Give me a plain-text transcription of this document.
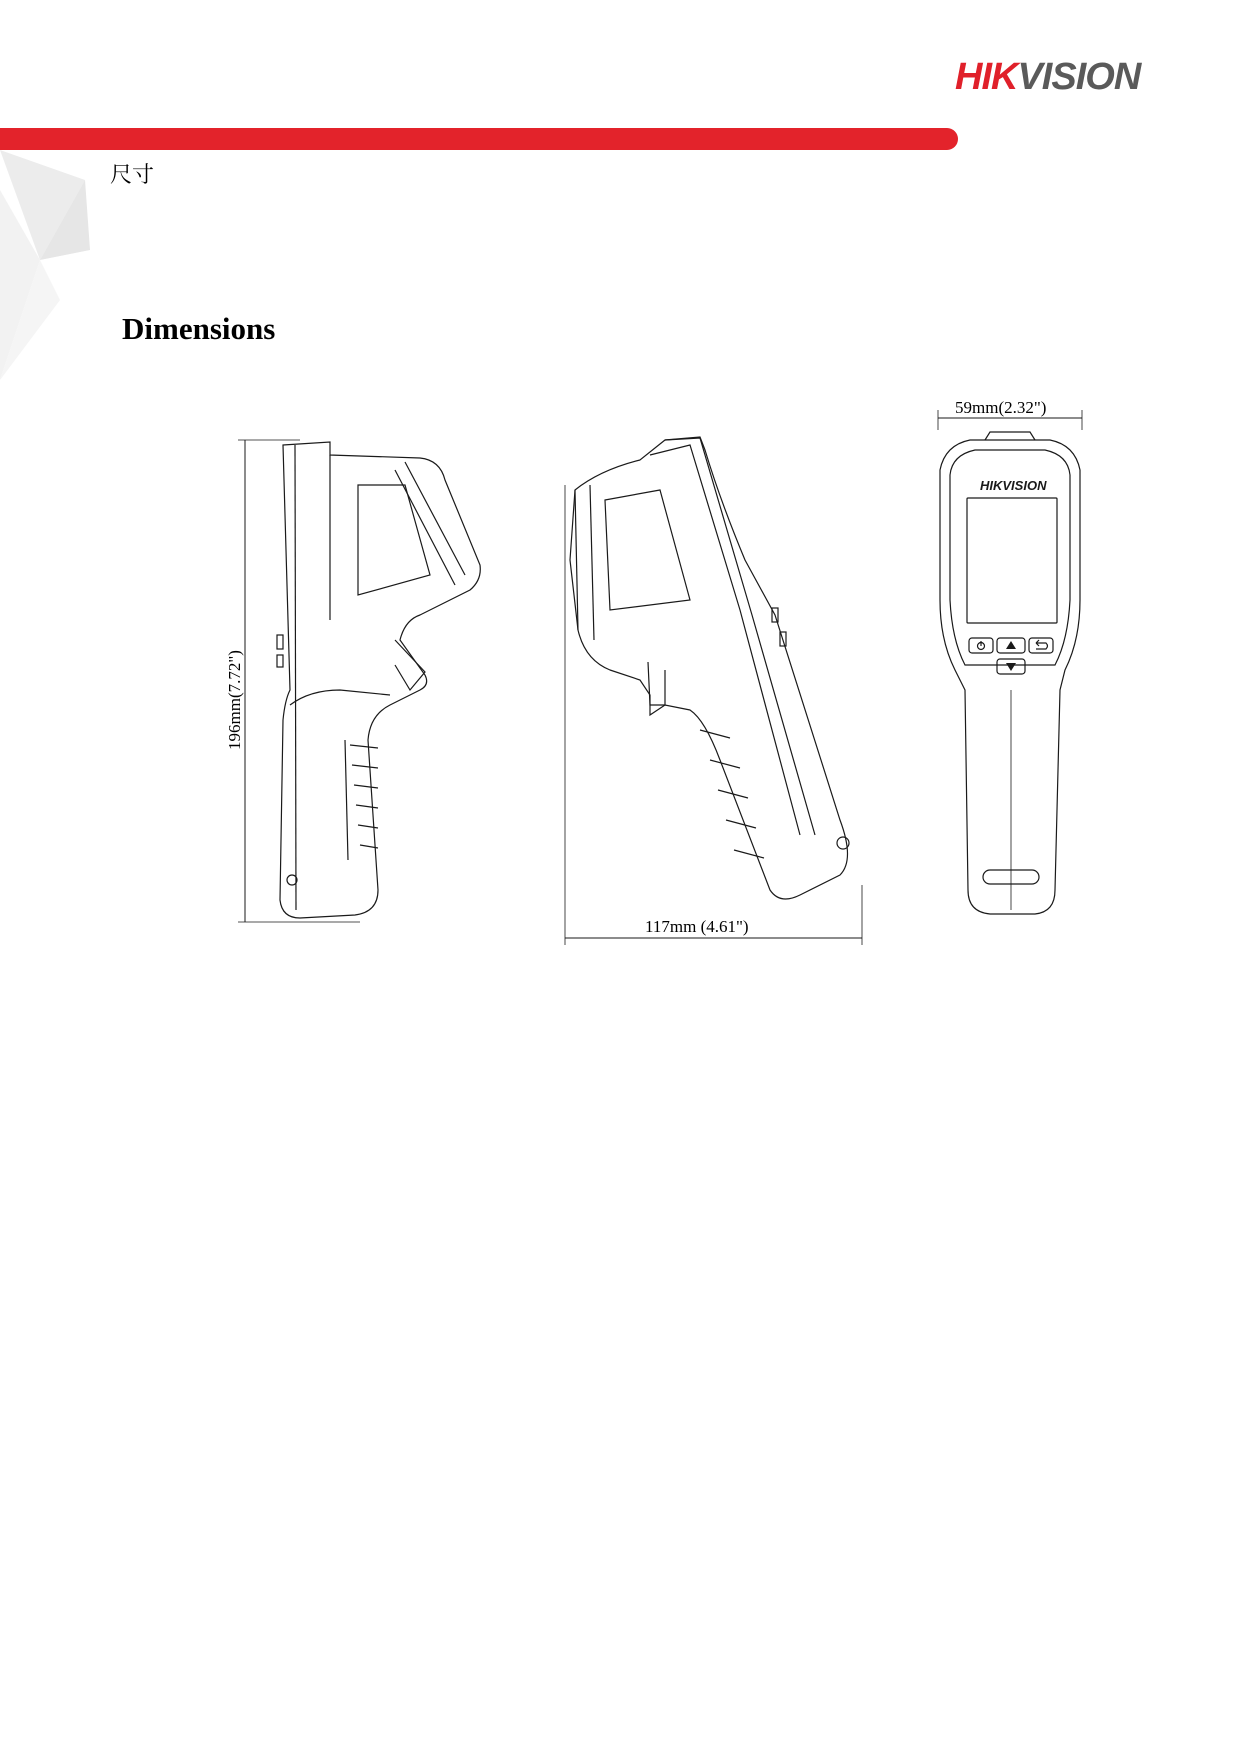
HIKVISION
尺寸
Dimensions
196mm(7.72")
117mm (4.61")
59mm(2.32")
HIKVISION
